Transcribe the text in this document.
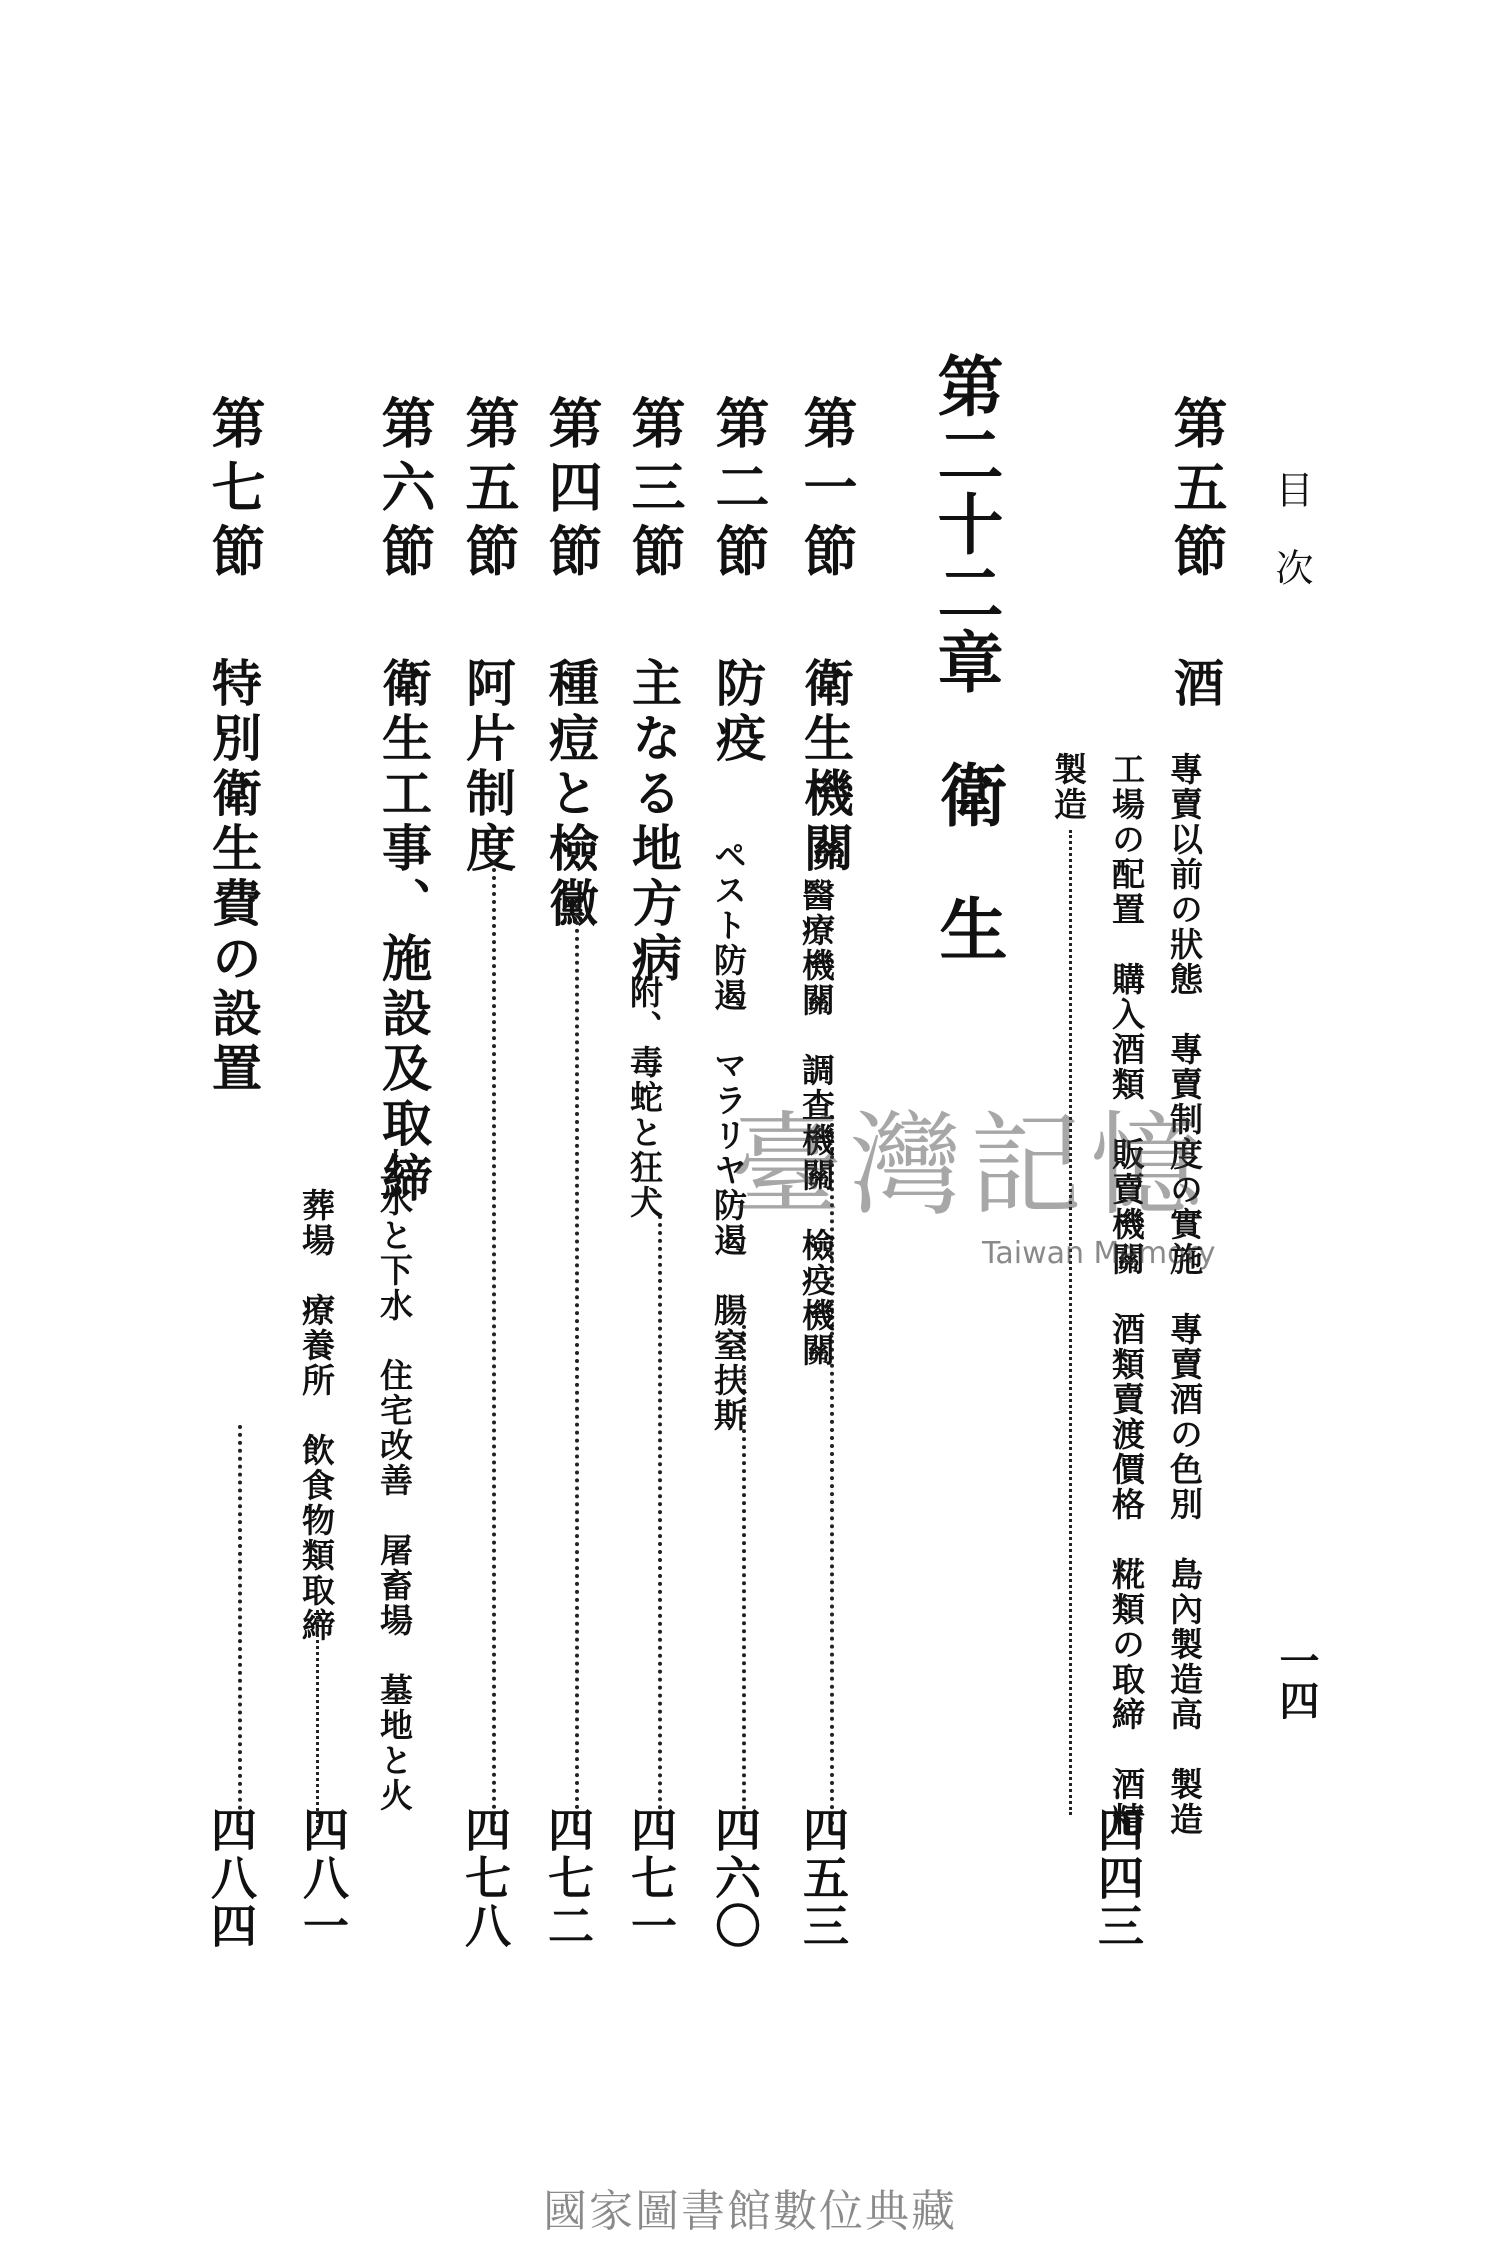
目次
一四
第五節
酒
四四三
專賣以前の狀態　專賣制度の實施　專賣酒の色別　島內製造高　製造
工場の配置　購入酒類　販賣機關　酒類賣渡價格　糀類の取締　酒精
製造
第二十二章
衛生
第一節
衛生機關
四五三
醫療機關　調查機關　檢疫機關
第二節
防疫
四六〇
ペスト防遏　マラリヤ防遏　腸窒扶斯
第三節
主なる地方病
四七一
附、毒蛇と狂犬
第四節
種痘と檢黴
四七二
第五節
阿片制度
四七八
第六節
衛生工事、施設及取締
四八一
上水と下水　住宅改善　屠畜場　墓地と火
葬場　療養所　飲食物類取締
第七節
特別衛生費の設置
四八四
臺灣記憶
Taiwan Memory
國家圖書館數位典藏
